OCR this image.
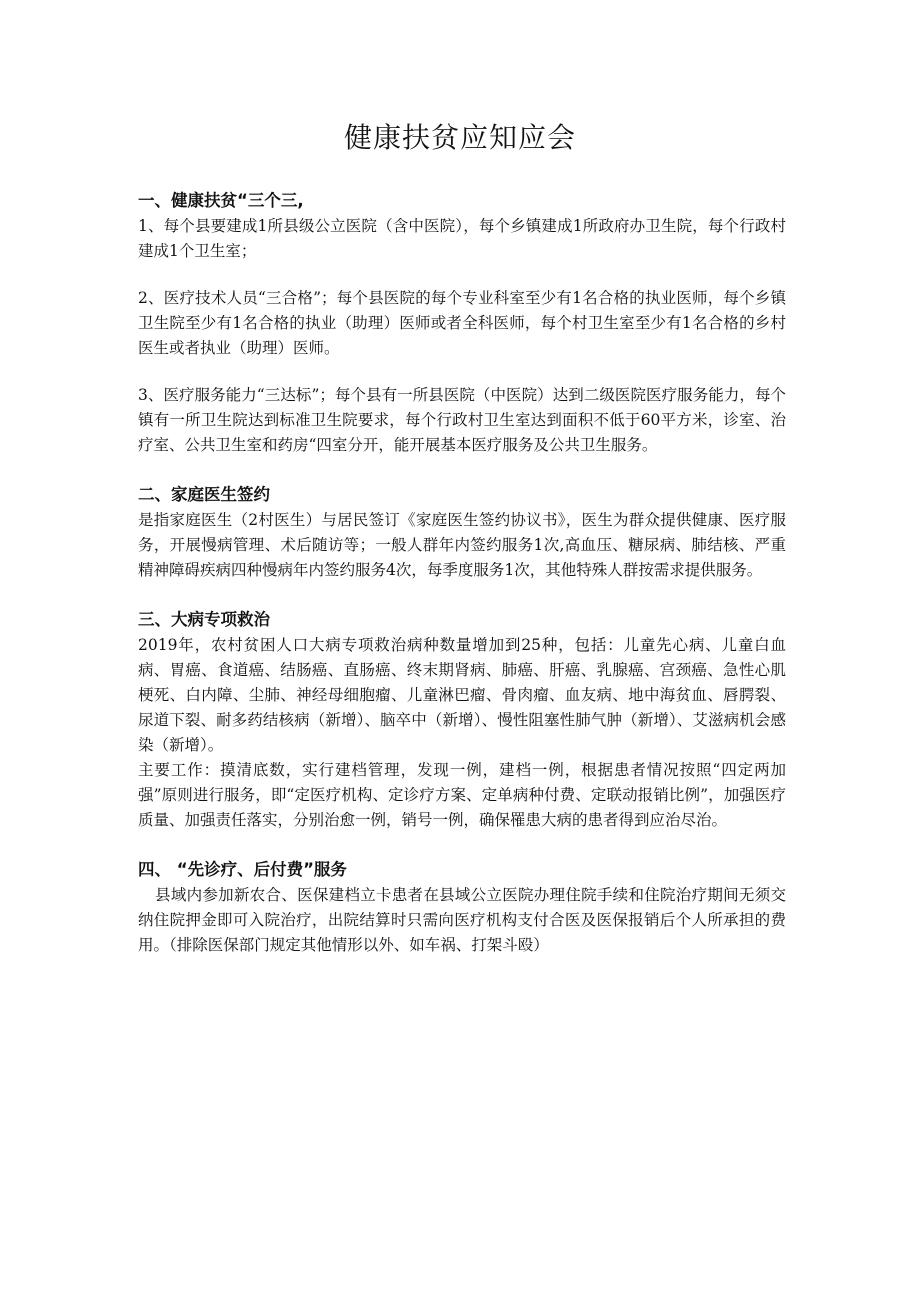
健康扶贫应知应会

一、健康扶贫“三个三,

1、每个县要建成1所县级公立医院（含中医院），每个乡镇建成1所政府办卫生院，每个行政村建成1个卫生室；

2、医疗技术人员“三合格”；每个县医院的每个专业科室至少有1名合格的执业医师，每个乡镇卫生院至少有1名合格的执业（助理）医师或者全科医师，每个村卫生室至少有1名合格的乡村医生或者执业（助理）医师。

3、医疗服务能力“三达标”；每个县有一所县医院（中医院）达到二级医院医疗服务能力，每个镇有一所卫生院达到标准卫生院要求，每个行政村卫生室达到面积不低于60平方米，诊室、治疗室、公共卫生室和药房“四室分开，能开展基本医疗服务及公共卫生服务。

二、家庭医生签约

是指家庭医生（2村医生）与居民签订《家庭医生签约协议书》，医生为群众提供健康、医疗服务，开展慢病管理、术后随访等；一般人群年内签约服务1次,高血压、糖尿病、肺结核、严重精神障碍疾病四种慢病年内签约服务4次，每季度服务1次，其他特殊人群按需求提供服务。

三、大病专项救治

2019年，农村贫困人口大病专项救治病种数量增加到25种，包括：儿童先心病、儿童白血病、胃癌、食道癌、结肠癌、直肠癌、终末期肾病、肺癌、肝癌、乳腺癌、宫颈癌、急性心肌梗死、白内障、尘肺、神经母细胞瘤、儿童淋巴瘤、骨肉瘤、血友病、地中海贫血、唇腭裂、尿道下裂、耐多药结核病（新增）、脑卒中（新增）、慢性阻塞性肺气肿（新增）、艾滋病机会感染（新增）。

主要工作：摸清底数，实行建档管理，发现一例，建档一例，根据患者情况按照“四定两加强”原则进行服务，即“定医疗机构、定诊疗方案、定单病种付费、定联动报销比例”，加强医疗质量、加强责任落实，分别治愈一例，销号一例，确保罹患大病的患者得到应治尽治。

四、 “先诊疗、后付费”服务

县域内参加新农合、医保建档立卡患者在县域公立医院办理住院手续和住院治疗期间无须交纳住院押金即可入院治疗，出院结算时只需向医疗机构支付合医及医保报销后个人所承担的费用。（排除医保部门规定其他情形以外、如车祸、打架斗殴）
